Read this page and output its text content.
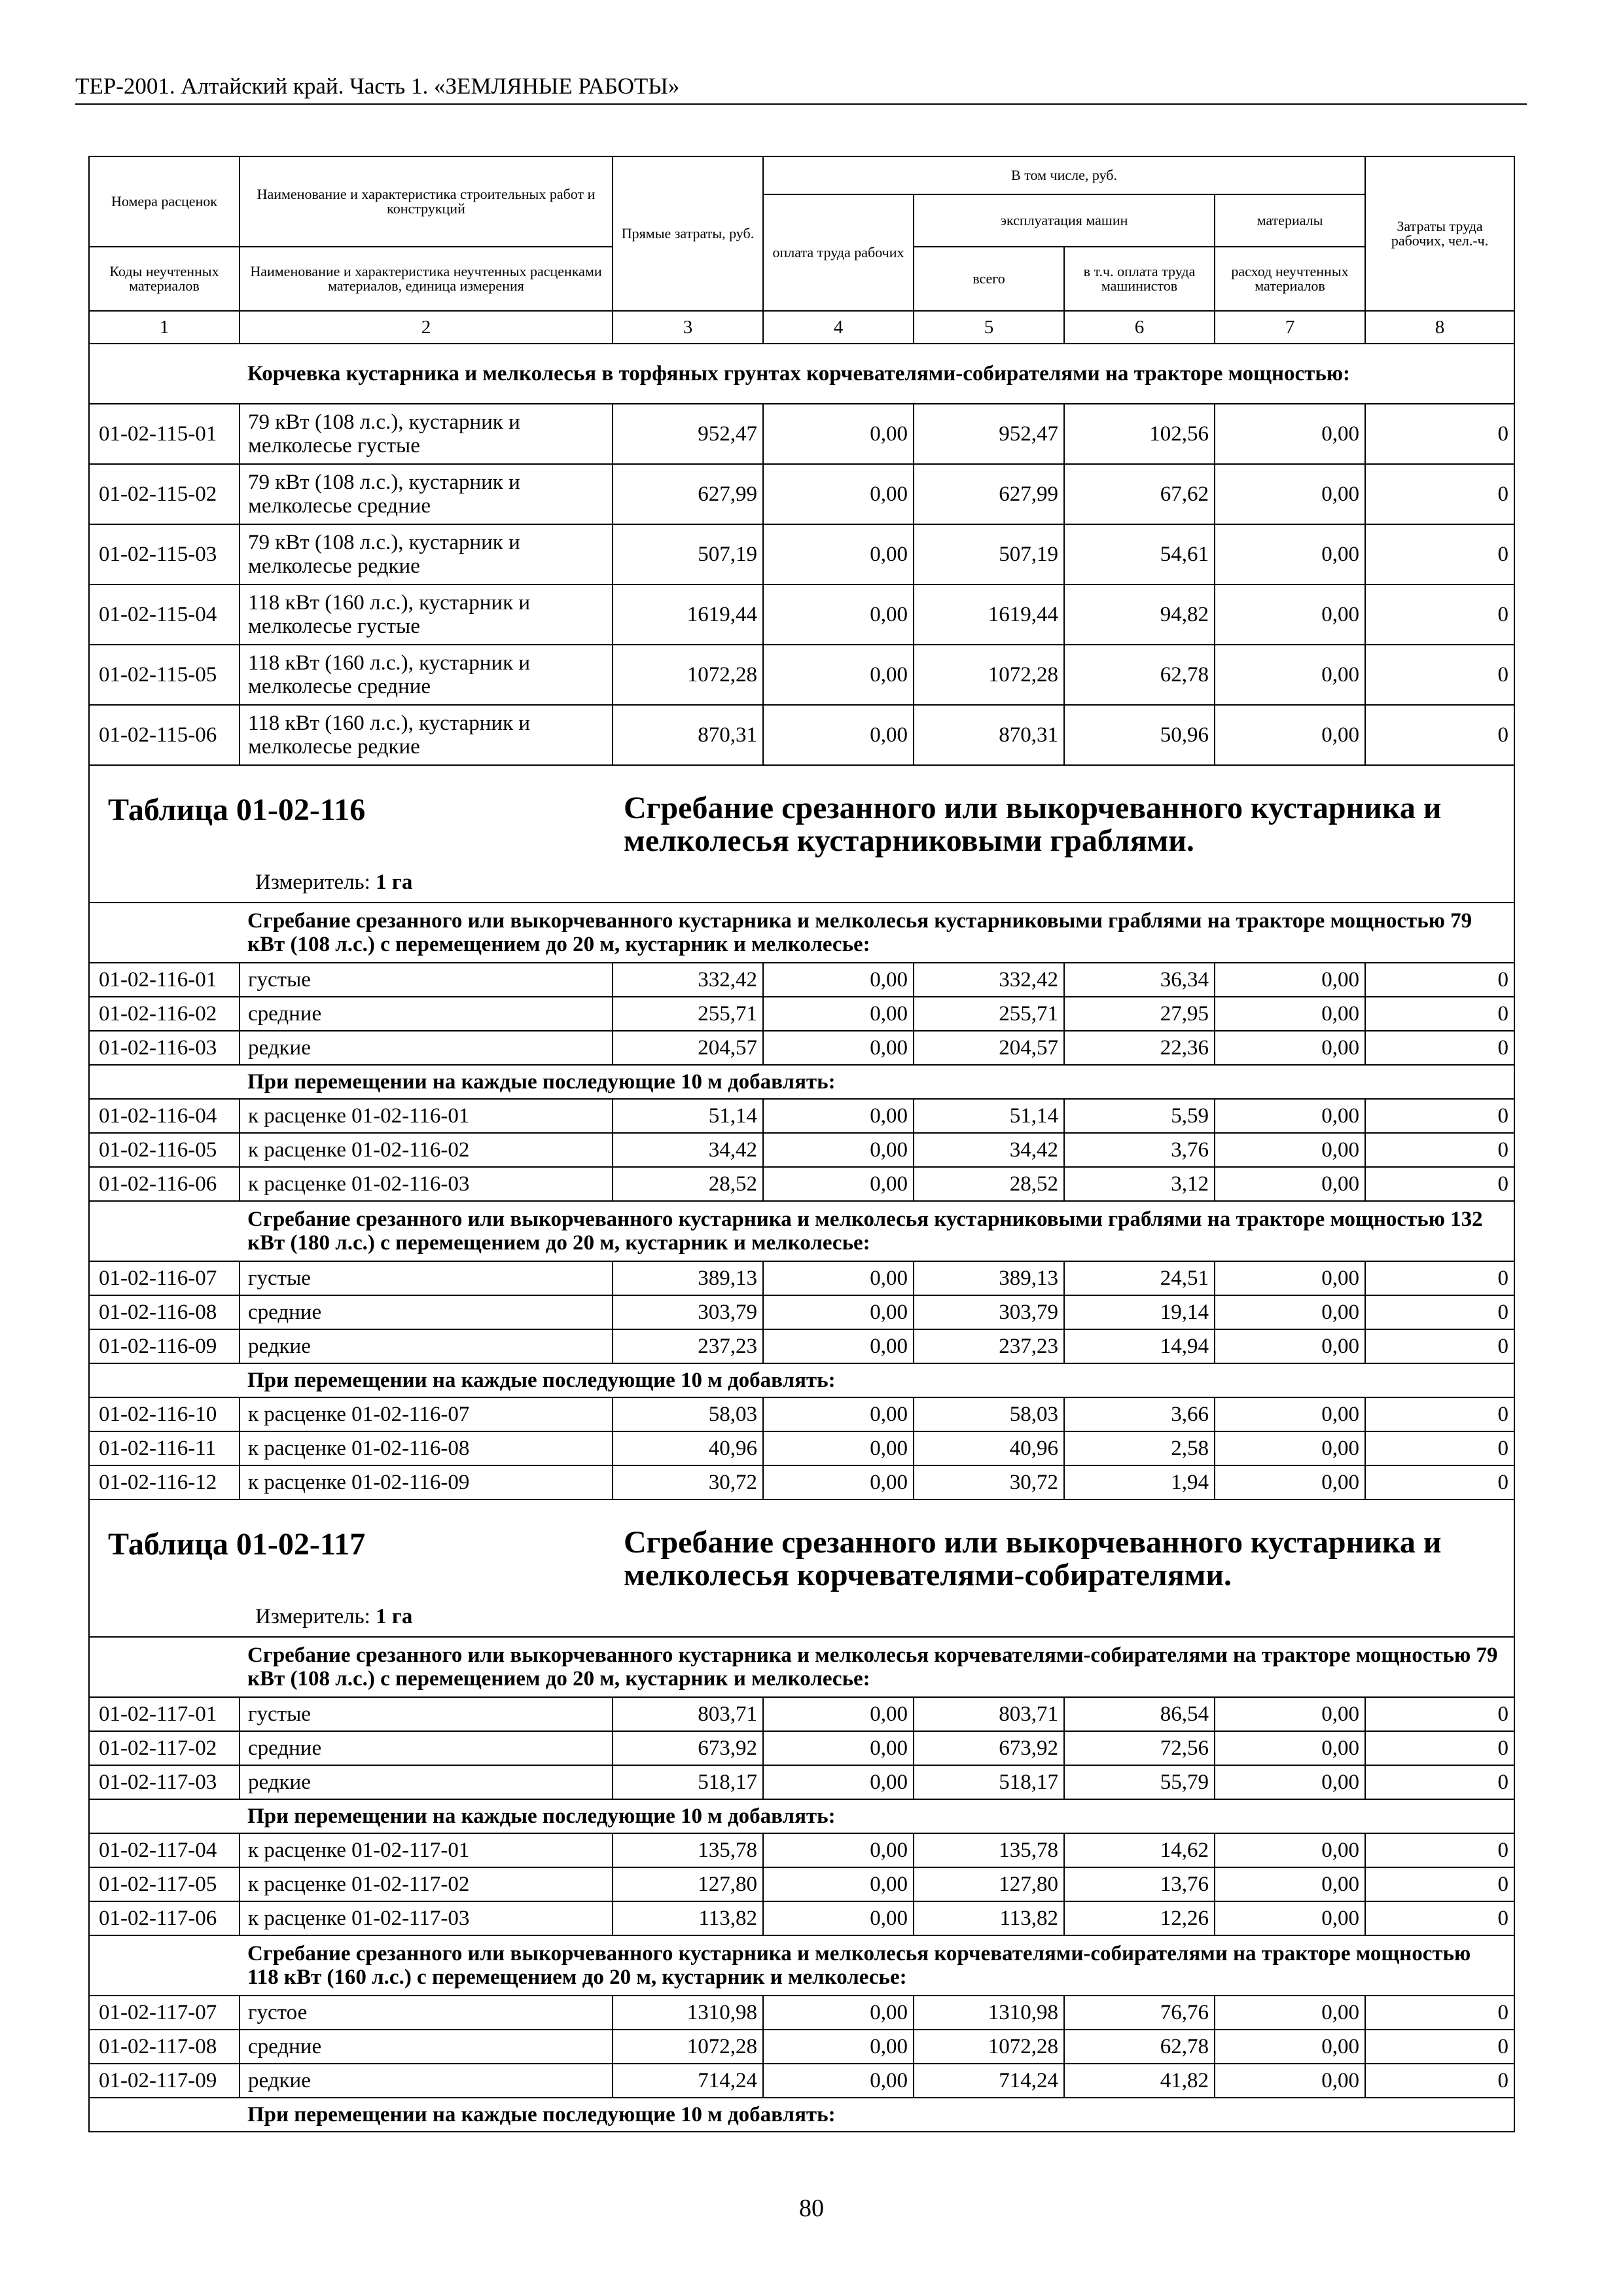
ТЕР-2001. Алтайский край. Часть 1. «ЗЕМЛЯНЫЕ РАБОТЫ»
Номера расценок	Наименование и характеристика строительных работ и конструкций	Прямые затраты, руб.	В том числе, руб.				Затраты труда рабочих, чел.-ч.
			оплата труда рабочих	эксплуатация машин		материалы	
Коды неучтенных материалов	Наименование и характеристика неучтенных расценками материалов, единица измерения			всего	в т.ч. оплата труда машинистов	расход неучтенных материалов	
1	2	3	4	5	6	7	8
	Корчевка кустарника и мелколесья в торфяных грунтах корчевателями-собирателями на тракторе мощностью:						
01-02-115-01	79 кВт (108 л.с.), кустарник и мелколесье густые	952,47	0,00	952,47	102,56	0,00	0
01-02-115-02	79 кВт (108 л.с.), кустарник и мелколесье средние	627,99	0,00	627,99	67,62	0,00	0
01-02-115-03	79 кВт (108 л.с.), кустарник и мелколесье редкие	507,19	0,00	507,19	54,61	0,00	0
01-02-115-04	118 кВт (160 л.с.), кустарник и мелколесье густые	1619,44	0,00	1619,44	94,82	0,00	0
01-02-115-05	118 кВт (160 л.с.), кустарник и мелколесье средние	1072,28	0,00	1072,28	62,78	0,00	0
01-02-115-06	118 кВт (160 л.с.), кустарник и мелколесье редкие	870,31	0,00	870,31	50,96	0,00	0

Таблица 01-02-116 Сгребание срезанного или выкорчеванного кустарника и мелколесья кустарниковыми граблями.
Измеритель: 1 га							

	Сгребание срезанного или выкорчеванного кустарника и мелколесья кустарниковыми граблями на тракторе мощностью 79 кВт (108 л.с.) с перемещением до 20 м, кустарник и мелколесье:						
01-02-116-01	густые	332,42	0,00	332,42	36,34	0,00	0
01-02-116-02	средние	255,71	0,00	255,71	27,95	0,00	0
01-02-116-03	редкие	204,57	0,00	204,57	22,36	0,00	0
	При перемещении на каждые последующие 10 м добавлять:						
01-02-116-04	к расценке 01-02-116-01	51,14	0,00	51,14	5,59	0,00	0
01-02-116-05	к расценке 01-02-116-02	34,42	0,00	34,42	3,76	0,00	0
01-02-116-06	к расценке 01-02-116-03	28,52	0,00	28,52	3,12	0,00	0
	Сгребание срезанного или выкорчеванного кустарника и мелколесья кустарниковыми граблями на тракторе мощностью 132 кВт (180 л.с.) с перемещением до 20 м, кустарник и мелколесье:						
01-02-116-07	густые	389,13	0,00	389,13	24,51	0,00	0
01-02-116-08	средние	303,79	0,00	303,79	19,14	0,00	0
01-02-116-09	редкие	237,23	0,00	237,23	14,94	0,00	0
	При перемещении на каждые последующие 10 м добавлять:						
01-02-116-10	к расценке 01-02-116-07	58,03	0,00	58,03	3,66	0,00	0
01-02-116-11	к расценке 01-02-116-08	40,96	0,00	40,96	2,58	0,00	0
01-02-116-12	к расценке 01-02-116-09	30,72	0,00	30,72	1,94	0,00	0

Таблица 01-02-117 Сгребание срезанного или выкорчеванного кустарника и мелколесья корчевателями-собирателями.
Измеритель: 1 га							

	Сгребание срезанного или выкорчеванного кустарника и мелколесья корчевателями-собирателями на тракторе мощностью 79 кВт (108 л.с.) с перемещением до 20 м, кустарник и мелколесье:						
01-02-117-01	густые	803,71	0,00	803,71	86,54	0,00	0
01-02-117-02	средние	673,92	0,00	673,92	72,56	0,00	0
01-02-117-03	редкие	518,17	0,00	518,17	55,79	0,00	0
	При перемещении на каждые последующие 10 м добавлять:						
01-02-117-04	к расценке 01-02-117-01	135,78	0,00	135,78	14,62	0,00	0
01-02-117-05	к расценке 01-02-117-02	127,80	0,00	127,80	13,76	0,00	0
01-02-117-06	к расценке 01-02-117-03	113,82	0,00	113,82	12,26	0,00	0
	Сгребание срезанного или выкорчеванного кустарника и мелколесья корчевателями-собирателями на тракторе мощностью 118 кВт (160 л.с.) с перемещением до 20 м, кустарник и мелколесье:						
01-02-117-07	густое	1310,98	0,00	1310,98	76,76	0,00	0
01-02-117-08	средние	1072,28	0,00	1072,28	62,78	0,00	0
01-02-117-09	редкие	714,24	0,00	714,24	41,82	0,00	0
	При перемещении на каждые последующие 10 м добавлять:						
80
